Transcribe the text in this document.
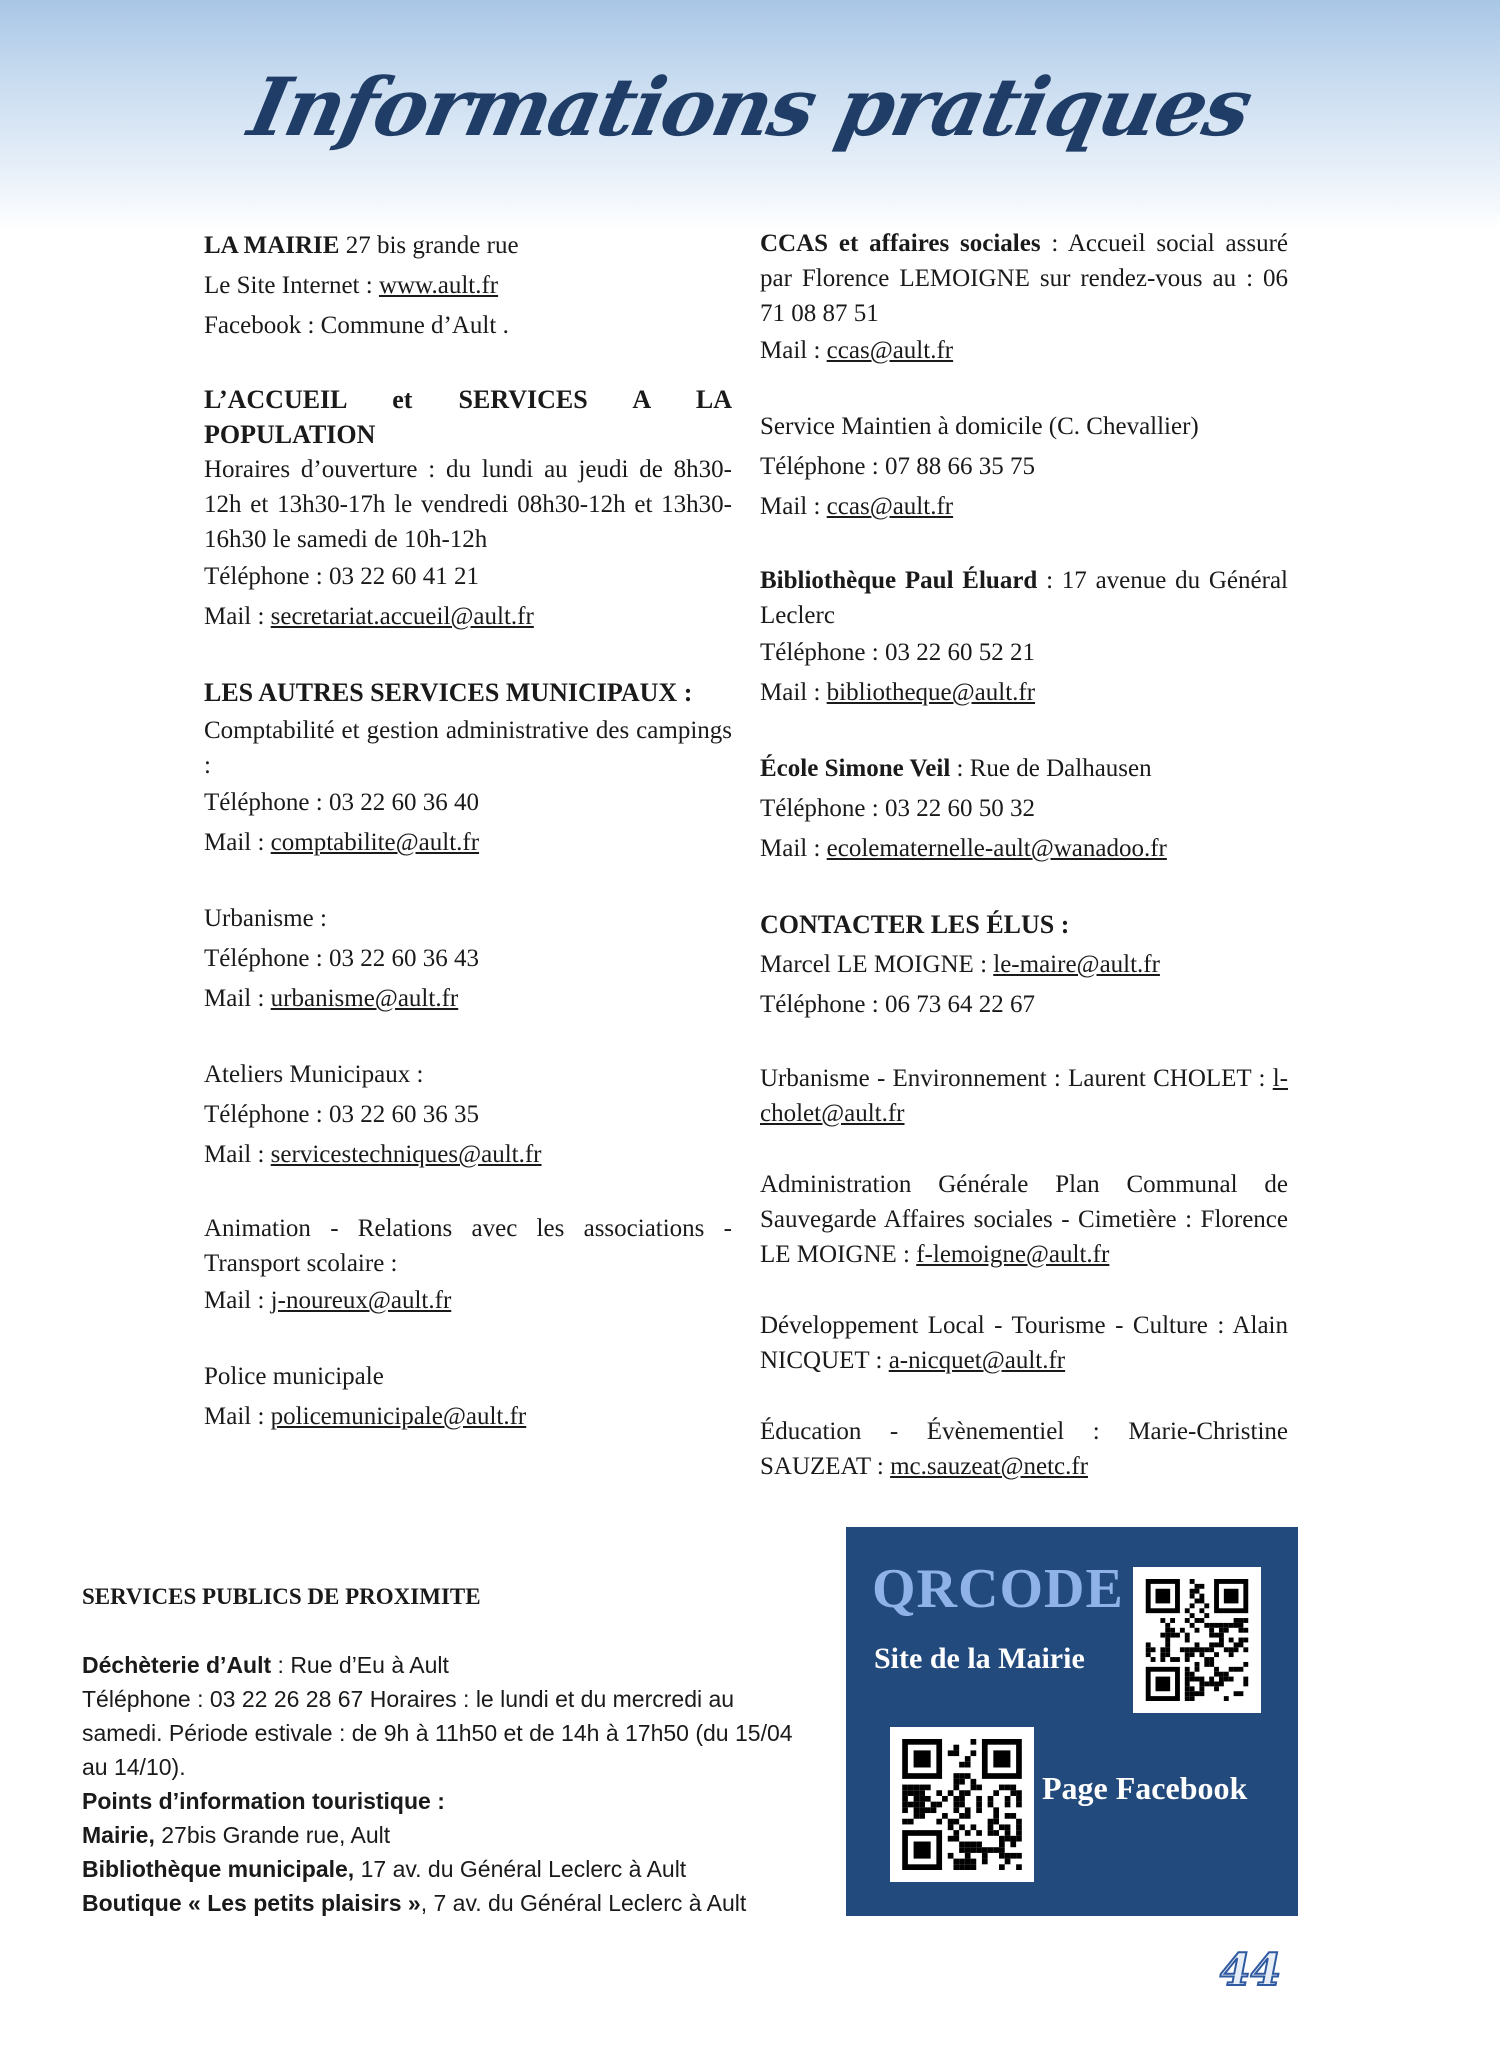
Informations pratiques

LA MAIRIE 27 bis grande rue

Le Site Internet : www.ault.fr

Facebook : Commune d’Ault .

L’ACCUEIL et SERVICES A LA POPULATION

Horaires d’ouverture : du lundi au jeudi de 8h30-12h et 13h30-17h le vendredi 08h30-12h et 13h30-16h30 le samedi de 10h-12h

Téléphone : 03 22 60 41 21

Mail : secretariat.accueil@ault.fr

LES AUTRES SERVICES MUNICIPAUX :

Comptabilité et gestion administrative des campings :

Téléphone : 03 22 60 36 40

Mail : comptabilite@ault.fr

Urbanisme :

Téléphone : 03 22 60 36 43

Mail : urbanisme@ault.fr

Ateliers Municipaux :

Téléphone : 03 22 60 36 35

Mail : servicestechniques@ault.fr

Animation - Relations avec les associations - Transport scolaire :

Mail : j-noureux@ault.fr

Police municipale

Mail : policemunicipale@ault.fr

CCAS et affaires sociales : Accueil social assuré par Florence LEMOIGNE sur rendez-vous au : 06 71 08 87 51

Mail : ccas@ault.fr

Service Maintien à domicile (C. Chevallier)

Téléphone : 07 88 66 35 75

Mail : ccas@ault.fr

Bibliothèque Paul Éluard : 17 avenue du Général Leclerc

Téléphone : 03 22 60 52 21

Mail : bibliotheque@ault.fr

École Simone Veil : Rue de Dalhausen

Téléphone : 03 22 60 50 32

Mail : ecolematernelle-ault@wanadoo.fr

CONTACTER LES ÉLUS :

Marcel LE MOIGNE : le-maire@ault.fr

Téléphone : 06 73 64 22 67

Urbanisme - Environnement : Laurent CHOLET : l-cholet@ault.fr

Administration Générale Plan Communal de Sauvegarde Affaires sociales - Cimetière : Florence LE MOIGNE : f-lemoigne@ault.fr

Développement Local - Tourisme - Culture : Alain NICQUET : a-nicquet@ault.fr

Éducation - Évènementiel : Marie-Christine SAUZEAT : mc.sauzeat@netc.fr

SERVICES PUBLICS DE PROXIMITE

Déchèterie d’Ault : Rue d’Eu à Ault

Téléphone : 03 22 26 28 67 Horaires : le lundi et du mercredi au samedi. Période estivale : de 9h à 11h50 et de 14h à 17h50 (du 15/04 au 14/10).

Points d’information touristique :

Mairie, 27bis Grande rue, Ault

Bibliothèque municipale, 17 av. du Général Leclerc à Ault

Boutique « Les petits plaisirs », 7 av. du Général Leclerc à Ault

QRCODE
Site de la Mairie
Page Facebook
44
